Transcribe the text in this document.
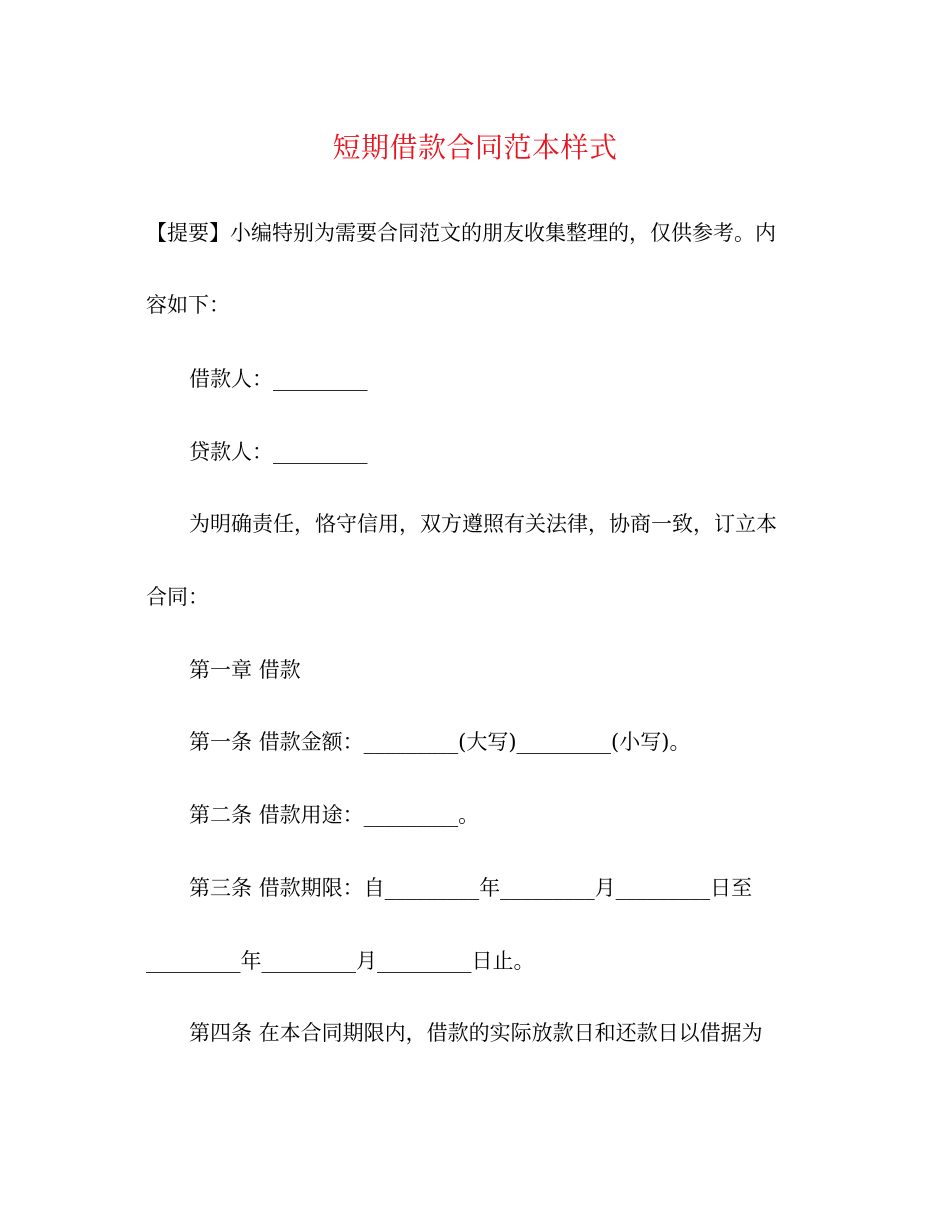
短期借款合同范本样式
【提要】小编特别为需要合同范文的朋友收集整理的，仅供参考。内
容如下：
借款人：_________
贷款人：_________
为明确责任，恪守信用，双方遵照有关法律，协商一致，订立本
合同：
第一章 借款
第一条 借款金额：_________(大写)_________(小写)。
第二条 借款用途：_________。
第三条 借款期限：自_________年_________月_________日至
_________年_________月_________日止。
第四条 在本合同期限内，借款的实际放款日和还款日以借据为
